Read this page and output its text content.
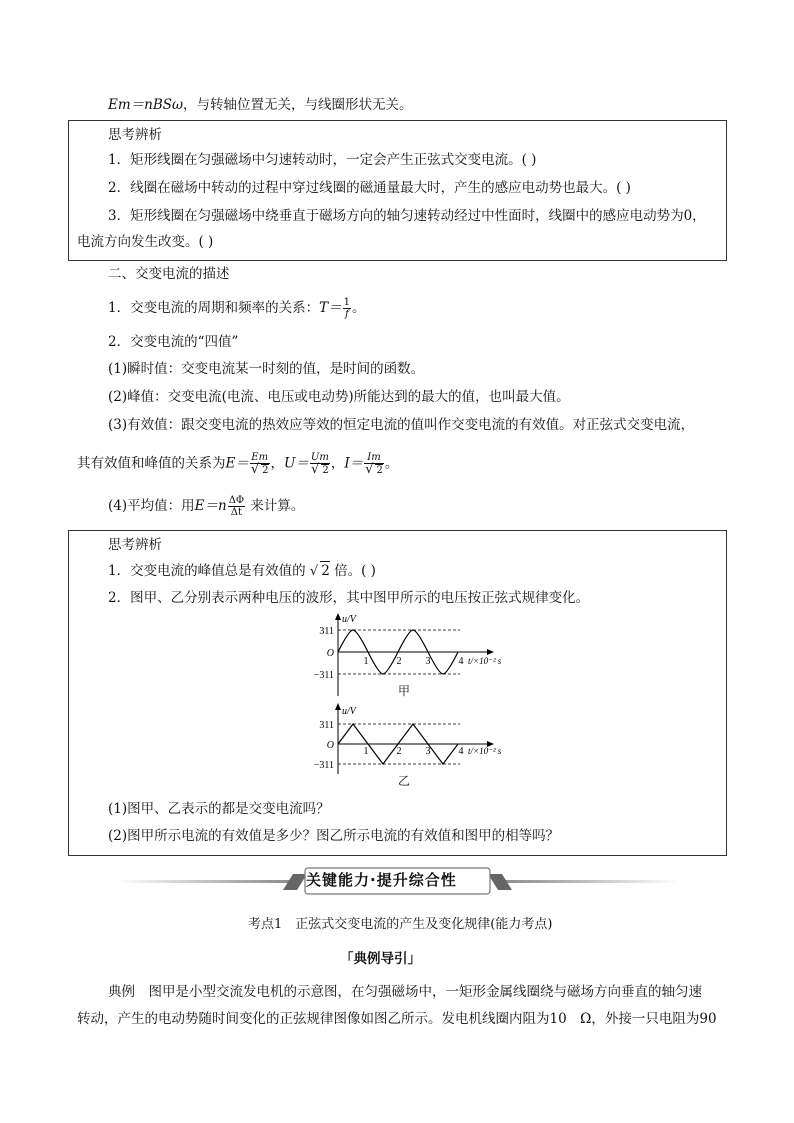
Em＝nBSω，与转轴位置无关，与线圈形状无关。
思考辨析
1．矩形线圈在匀强磁场中匀速转动时，一定会产生正弦式交变电流。( )
2．线圈在磁场中转动的过程中穿过线圈的磁通量最大时，产生的感应电动势也最大。( )
3．矩形线圈在匀强磁场中绕垂直于磁场方向的轴匀速转动经过中性面时，线圈中的感应电动势为0，
电流方向发生改变。( )
二、交变电流的描述
1．交变电流的周期和频率的关系：$T= \frac{1}{f}$ 。
2．交变电流的“四值”
(1)瞬时值：交变电流某一时刻的值，是时间的函数。
(2)峰值：交变电流(电流、电压或电动势)所能达到的最大的值，也叫最大值。
(3)有效值：跟交变电流的热效应等效的恒定电流的值叫作交变电流的有效值。对正弦式交变电流，
其有效值和峰值的关系为$E= \frac{Em}{√ 2}$ ，$U= \frac{Um}{√ 2}$ ，$I= \frac{Im}{√ 2}$ 。
(4)平均值：用$E=n \frac{\Delta\Phi}{\Delta t}$ 来计算。
思考辨析
1．交变电流的峰值总是有效值的 √ 2 倍。( )
2．图甲、乙分别表示两种电压的波形，其中图甲所示的电压按正弦式规律变化。
311
−311
O
u/V
1	2 3	4 t/×10⁻² s
甲
311
−311
O
u/V
1	2 3	4 t/×10⁻² s
乙
(1)图甲、乙表示的都是交变电流吗？
(2)图甲所示电流的有效值是多少？图乙所示电流的有效值和图甲的相等吗？
关键能力·提升综合性
考点1　正弦式交变电流的产生及变化规律(能力考点)
「典例导引」
典例　图甲是小型交流发电机的示意图，在匀强磁场中，一矩形金属线圈绕与磁场方向垂直的轴匀速
转动，产生的电动势随时间变化的正弦规律图像如图乙所示。发电机线圈内阻为10　Ω，外接一只电阻为90
